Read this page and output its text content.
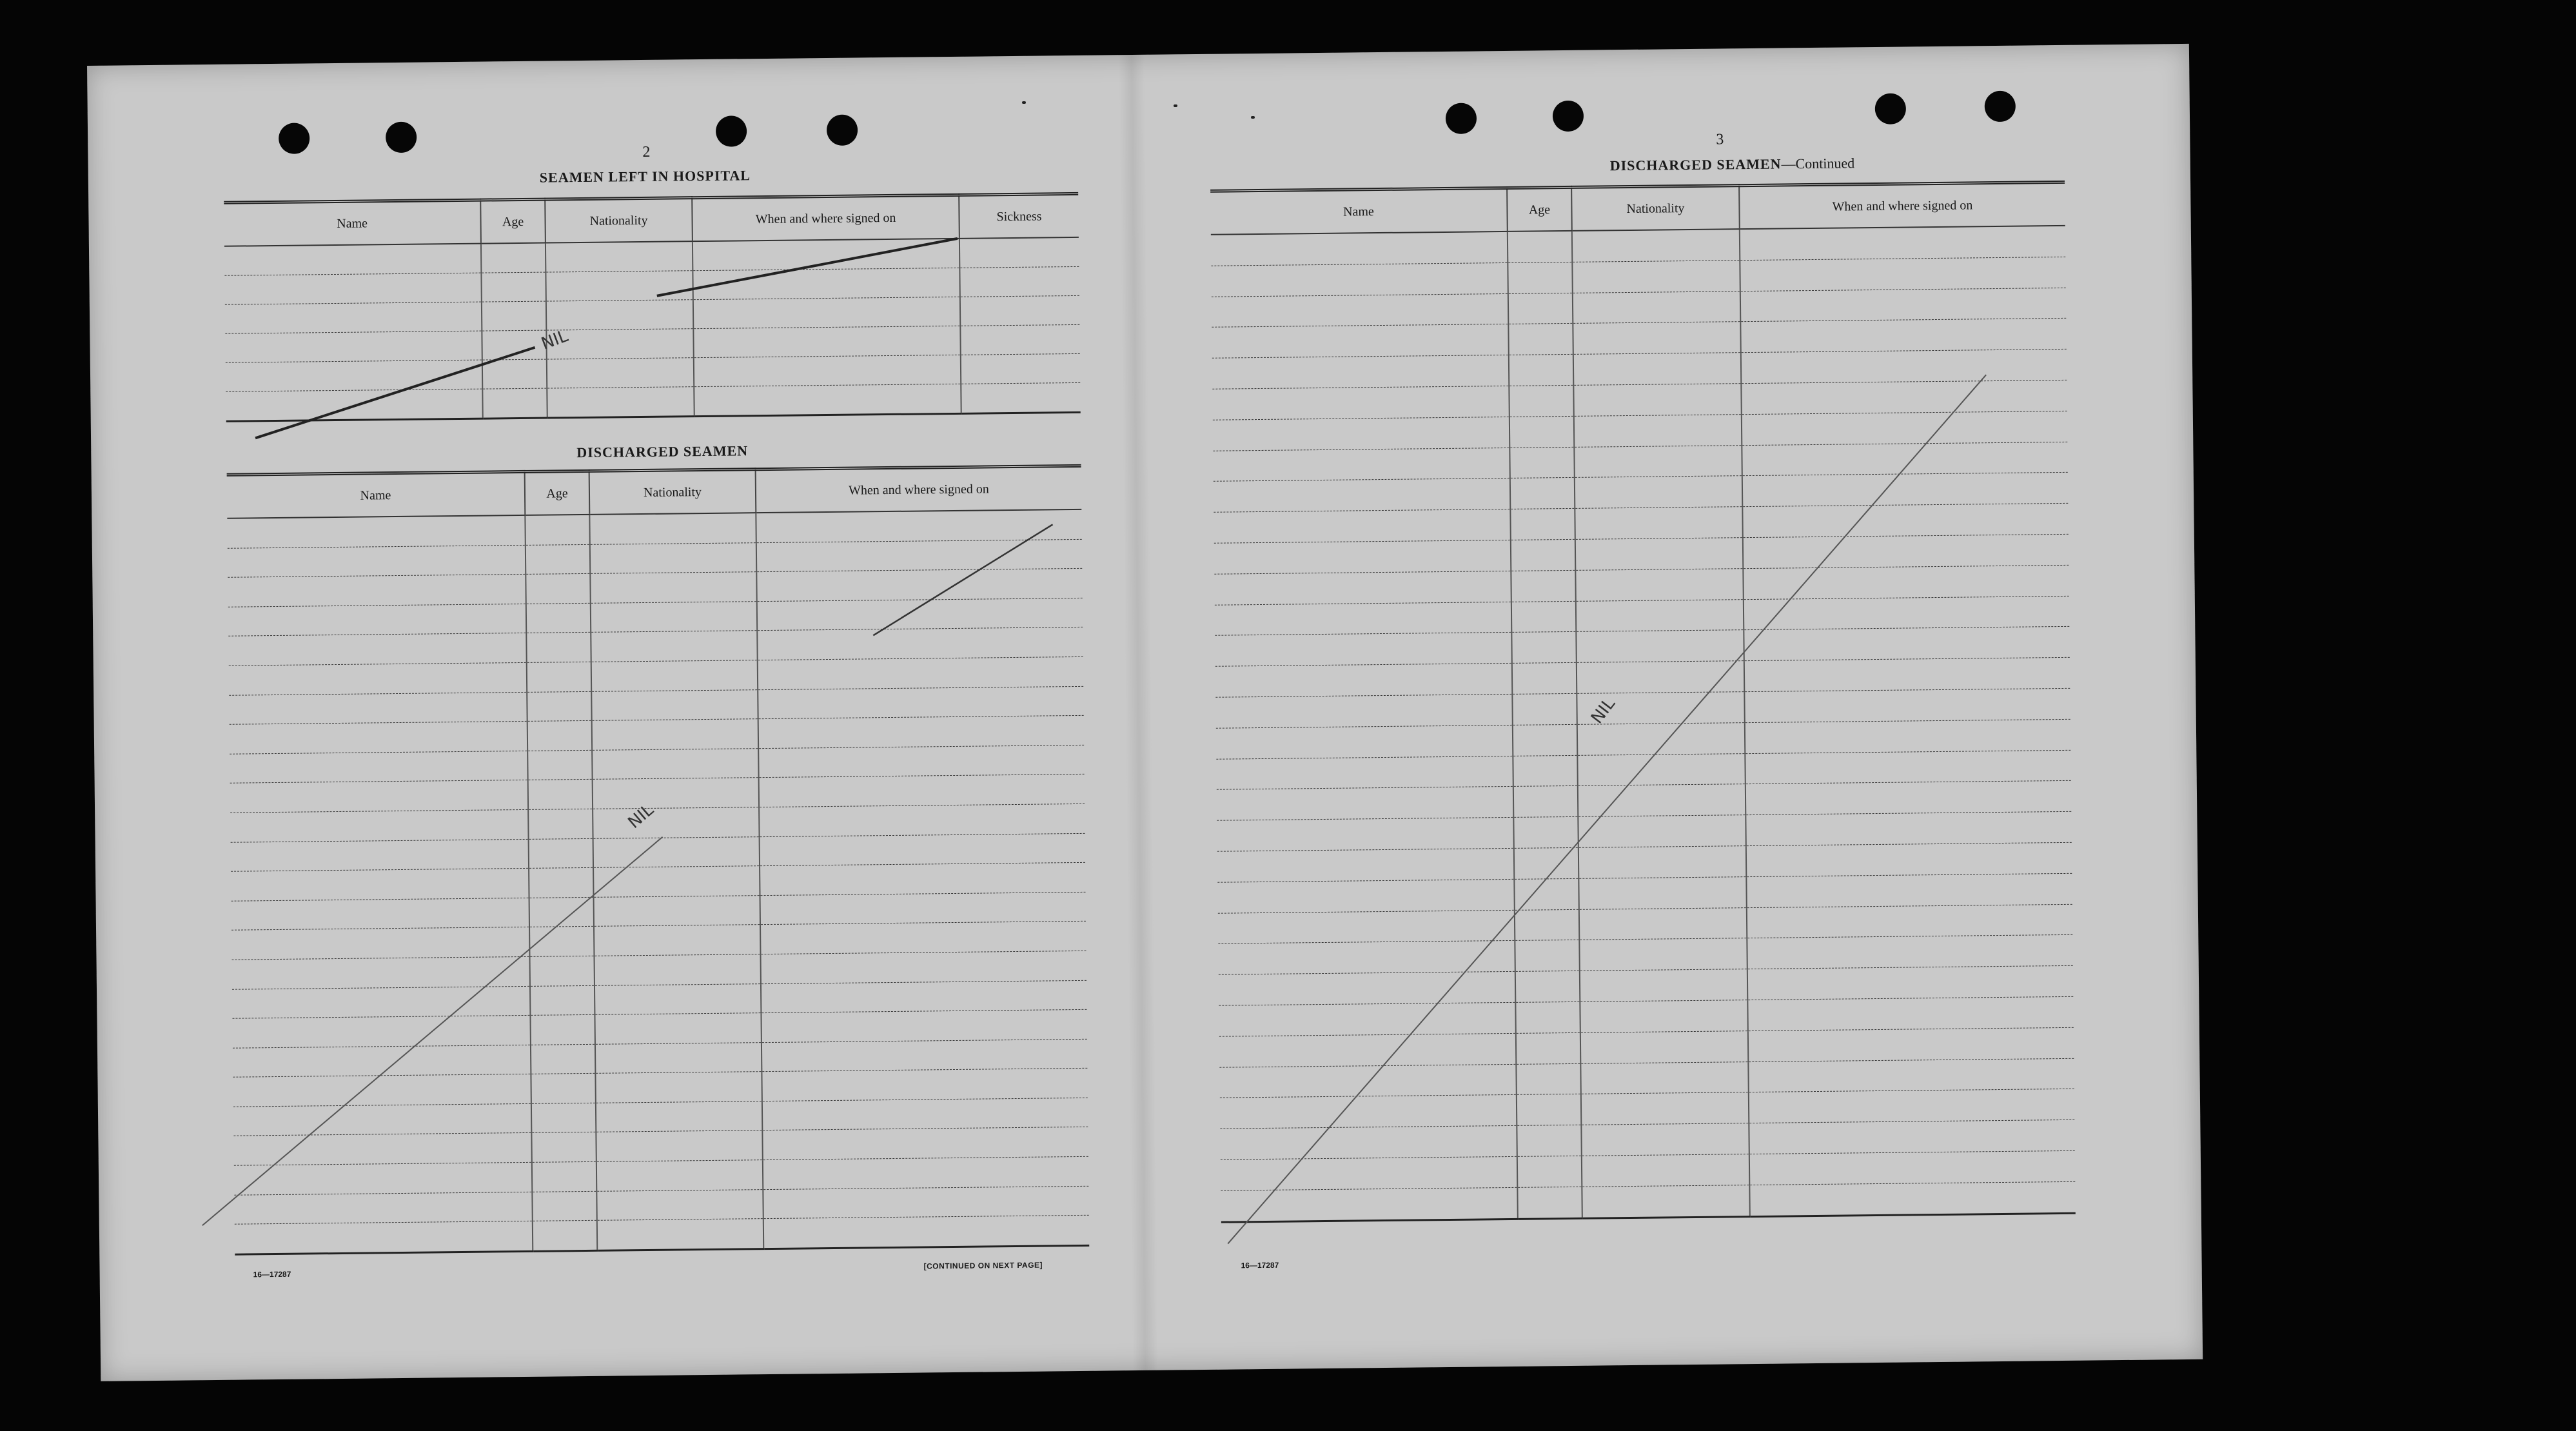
2
SEAMEN LEFT IN HOSPITAL
Name	Age	Nationality	When and where signed on	Sickness

DISCHARGED SEAMEN
Name	Age	Nationality	When and where signed on

16—17287
[CONTINUED ON NEXT PAGE]
NIL
NIL
3
DISCHARGED SEAMEN—Continued
Name	Age	Nationality	When and where signed on

16—17287
NIL
